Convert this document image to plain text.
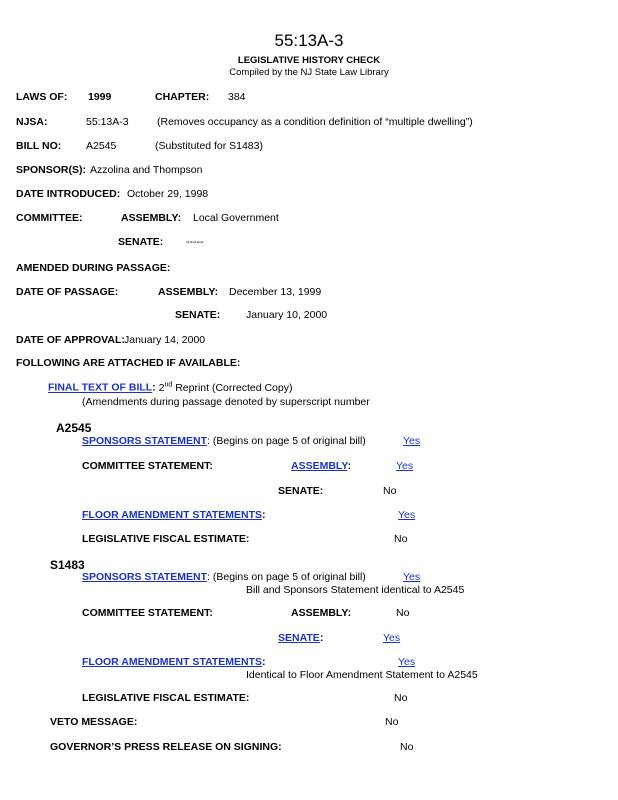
55:13A-3
LEGISLATIVE HISTORY CHECK
Compiled by the NJ State Law Library
LAWS OF: 1999	CHAPTER: 384
NJSA:	55:13A-3	(Removes occupancy as a condition definition of “multiple dwelling”)
BILL NO: A2545	(Substituted for S1483)
SPONSOR(S): Azzolina and Thompson
DATE INTRODUCED: October 29, 1998
COMMITTEE:	ASSEMBLY: Local Government
SENATE: -----
AMENDED DURING PASSAGE:
DATE OF PASSAGE:	ASSEMBLY: December 13, 1999
SENATE: January 10, 2000
DATE OF APPROVAL: January 14, 2000
FOLLOWING ARE ATTACHED IF AVAILABLE:
FINAL TEXT OF BILL: 2nd Reprint (Corrected Copy)
(Amendments during passage denoted by superscript number
A2545
SPONSORS STATEMENT: (Begins on page 5 of original bill)	Yes
COMMITTEE STATEMENT:	ASSEMBLY:	Yes
SENATE:	No
FLOOR AMENDMENT STATEMENTS:	Yes
LEGISLATIVE FISCAL ESTIMATE:	No
S1483
SPONSORS STATEMENT: (Begins on page 5 of original bill)	Yes
Bill and Sponsors Statement identical to A2545
COMMITTEE STATEMENT:	ASSEMBLY:	No
SENATE:	Yes
FLOOR AMENDMENT STATEMENTS:	Yes
Identical to Floor Amendment Statement to A2545
LEGISLATIVE FISCAL ESTIMATE:	No
VETO MESSAGE:	No
GOVERNOR’S PRESS RELEASE ON SIGNING:	No
